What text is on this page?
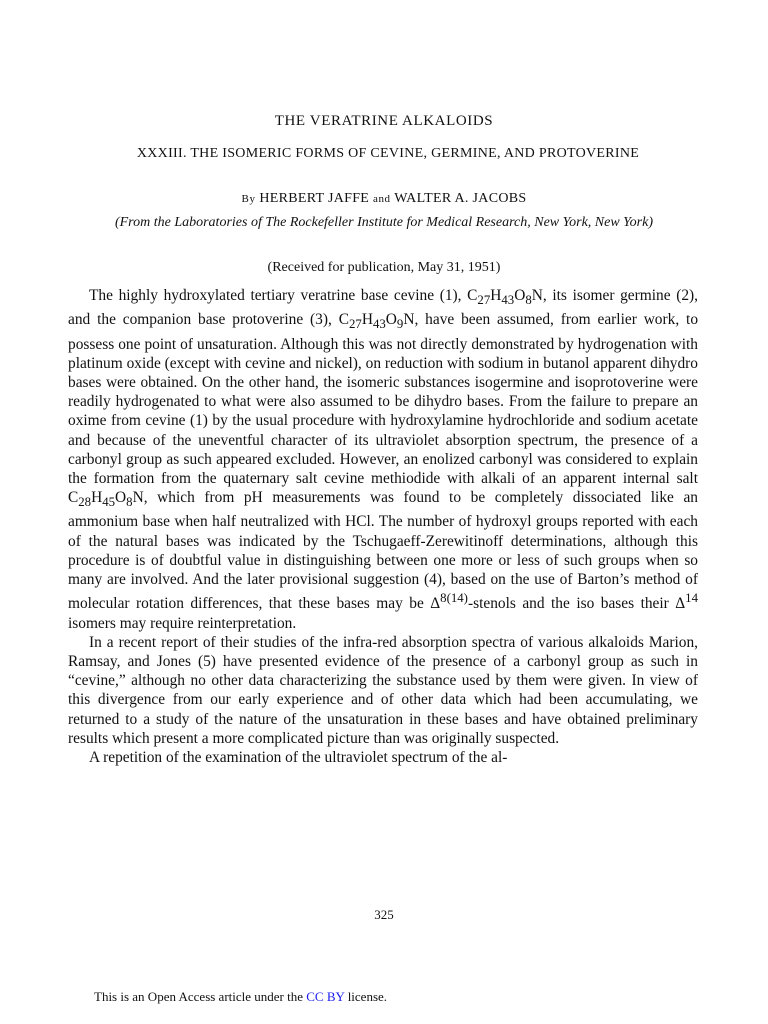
THE VERATRINE ALKALOIDS
XXXIII. THE ISOMERIC FORMS OF CEVINE, GERMINE, AND PROTOVERINE
By HERBERT JAFFE and WALTER A. JACOBS
(From the Laboratories of The Rockefeller Institute for Medical Research, New York, New York)
(Received for publication, May 31, 1951)

The highly hydroxylated tertiary veratrine base cevine (1), $C_{27}H_{43}O_8N$, its isomer germine (2), and the companion base protoverine (3), $C_{27}H_{43}O_9N$, have been assumed, from earlier work, to possess one point of unsaturation. Although this was not directly demonstrated by hydrogenation with platinum oxide (except with cevine and nickel), on reduction with sodium in butanol apparent dihydro bases were obtained. On the other hand, the isomeric substances isogermine and isoprotoverine were readily hydrogenated to what were also assumed to be dihydro bases. From the failure to prepare an oxime from cevine (1) by the usual procedure with hydroxylamine hydrochloride and sodium acetate and because of the uneventful character of its ultraviolet absorption spectrum, the presence of a carbonyl group as such appeared excluded. However, an enolized carbonyl was considered to explain the formation from the quaternary salt cevine methiodide with alkali of an apparent internal salt $C_{28}H_{45}O_8N$, which from pH measurements was found to be completely dissociated like an ammonium base when half neutralized with HCl. The number of hydroxyl groups reported with each of the natural bases was indicated by the Tschugaeff-Zerewitinoff determinations, although this procedure is of doubtful value in distinguishing between one more or less of such groups when so many are involved. And the later provisional suggestion (4), based on the use of Barton’s method of molecular rotation differences, that these bases may be $\Delta^{8(14)}$-stenols and the iso bases their $\Delta^{14}$ isomers may require reinterpretation.

In a recent report of their studies of the infra-red absorption spectra of various alkaloids Marion, Ramsay, and Jones (5) have presented evidence of the presence of a carbonyl group as such in “cevine,” although no other data characterizing the substance used by them were given. In view of this divergence from our early experience and of other data which had been accumulating, we returned to a study of the nature of the unsaturation in these bases and have obtained preliminary results which present a more complicated picture than was originally suspected.

A repetition of the examination of the ultraviolet spectrum of the al-

325
This is an Open Access article under the CC BY license.
